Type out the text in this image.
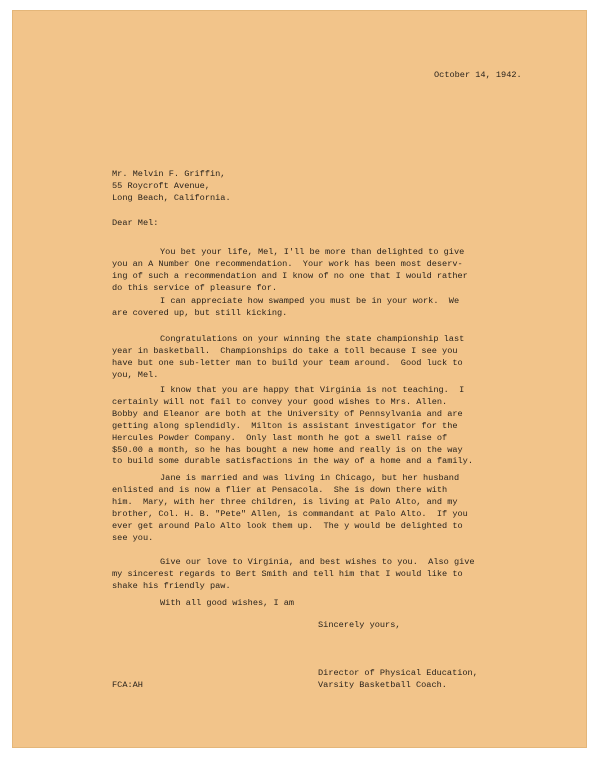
October 14, 1942.
Mr. Melvin F. Griffin,
55 Roycroft Avenue,
Long Beach, California.
Dear Mel:
You bet your life, Mel, I'll be more than delighted to give
you an A Number One recommendation.  Your work has been most deserv-
ing of such a recommendation and I know of no one that I would rather
do this service of pleasure for.
I can appreciate how swamped you must be in your work.  We
are covered up, but still kicking.
Congratulations on your winning the state championship last
year in basketball.  Championships do take a toll because I see you
have but one sub-letter man to build your team around.  Good luck to
you, Mel.
I know that you are happy that Virginia is not teaching.  I
certainly will not fail to convey your good wishes to Mrs. Allen.
Bobby and Eleanor are both at the University of Pennsylvania and are
getting along splendidly.  Milton is assistant investigator for the
Hercules Powder Company.  Only last month he got a swell raise of
$50.00 a month, so he has bought a new home and really is on the way
to build some durable satisfactions in the way of a home and a family.
Jane is married and was living in Chicago, but her husband
enlisted and is now a flier at Pensacola.  She is down there with
him.  Mary, with her three children, is living at Palo Alto, and my
brother, Col. H. B. "Pete" Allen, is commandant at Palo Alto.  If you
ever get around Palo Alto look them up.  The y would be delighted to
see you.
Give our love to Virginia, and best wishes to you.  Also give
my sincerest regards to Bert Smith and tell him that I would like to
shake his friendly paw.
With all good wishes, I am
Sincerely yours,
Director of Physical Education,
Varsity Basketball Coach.
FCA:AH
